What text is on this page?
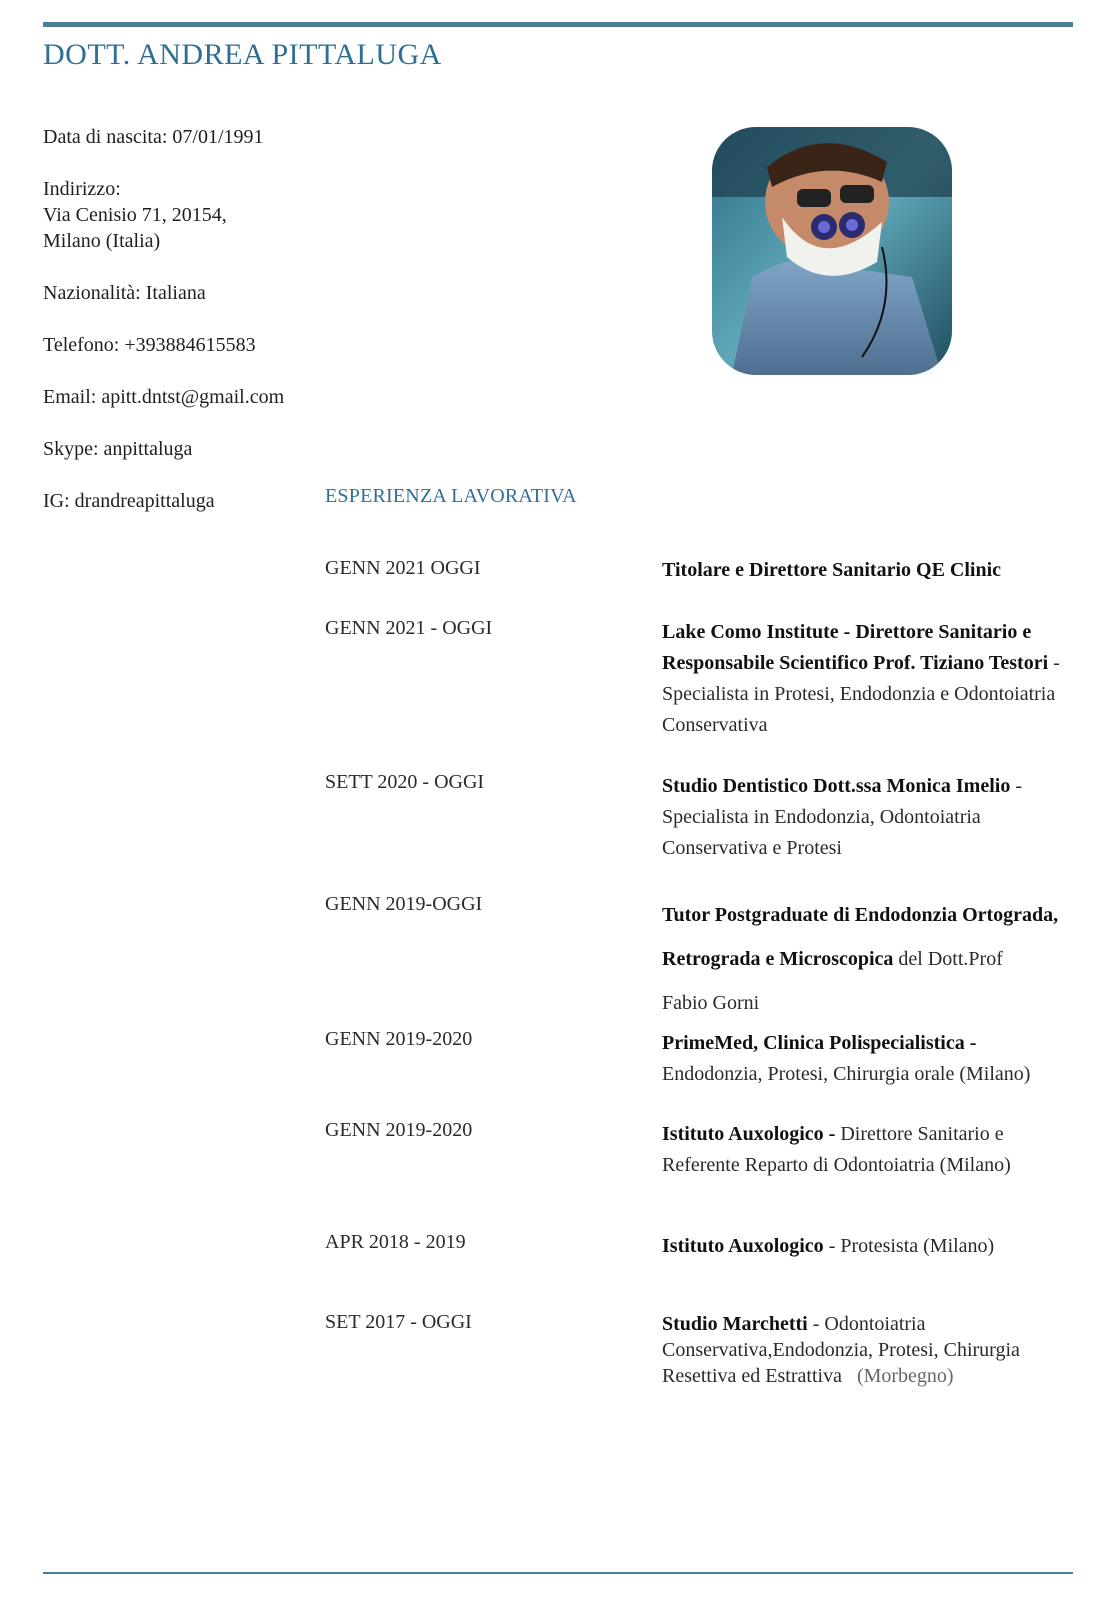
DOTT. ANDREA PITTALUGA
Data di nascita: 07/01/1991
Indirizzo:
Via Cenisio 71, 20154,
Milano (Italia)
Nazionalità: Italiana
Telefono: +393884615583
Email: apitt.dntst@gmail.com
Skype: anpittaluga
IG: drandreapittaluga	ESPERIENZA LAVORATIVA
GENN 2021 OGGI	Titolare e Direttore Sanitario QE Clinic
GENN 2021 - OGGI	Lake Como Institute - Direttore Sanitario e
Responsabile Scientifico Prof. Tiziano Testori -
Specialista in Protesi, Endodonzia e Odontoiatria
Conservativa
SETT 2020 - OGGI	Studio Dentistico Dott.ssa Monica Imelio -
Specialista in Endodonzia, Odontoiatria
Conservativa e Protesi
GENN 2019-OGGI	Tutor Postgraduate di Endodonzia Ortograda,
Retrograda e Microscopica del Dott.Prof
Fabio Gorni
GENN 2019-2020	PrimeMed, Clinica Polispecialistica -
Endodonzia, Protesi, Chirurgia orale (Milano)
GENN 2019-2020	Istituto Auxologico - Direttore Sanitario e
Referente Reparto di Odontoiatria (Milano)
APR 2018 - 2019	Istituto Auxologico - Protesista (Milano)
SET 2017 - OGGI	Studio Marchetti - Odontoiatria
Conservativa,Endodonzia, Protesi, Chirurgia
Resettiva ed Estrattiva (Morbegno)
